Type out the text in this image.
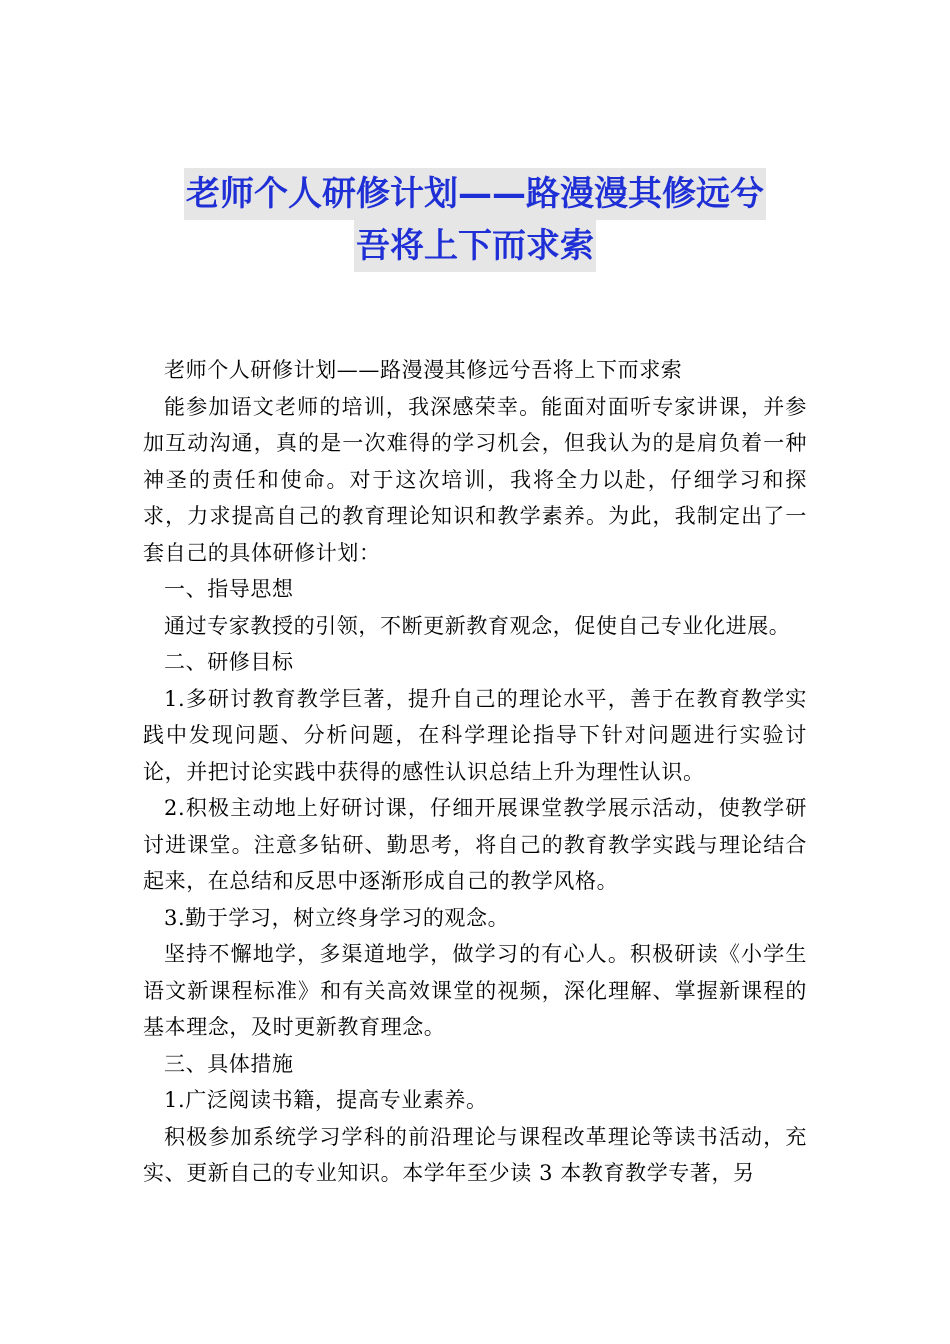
老师个人研修计划——路漫漫其修远兮
吾将上下而求索

老师个人研修计划——路漫漫其修远兮吾将上下而求索

能参加语文老师的培训，我深感荣幸。能面对面听专家讲课，并参加互动沟通，真的是一次难得的学习机会，但我认为的是肩负着一种神圣的责任和使命。对于这次培训，我将全力以赴，仔细学习和探求，力求提高自己的教育理论知识和教学素养。为此，我制定出了一套自己的具体研修计划：

一、指导思想

通过专家教授的引领，不断更新教育观念，促使自己专业化进展。

二、研修目标

1.多研讨教育教学巨著，提升自己的理论水平，善于在教育教学实践中发现问题、分析问题，在科学理论指导下针对问题进行实验讨论，并把讨论实践中获得的感性认识总结上升为理性认识。

2.积极主动地上好研讨课，仔细开展课堂教学展示活动，使教学研讨进课堂。注意多钻研、勤思考，将自己的教育教学实践与理论结合起来，在总结和反思中逐渐形成自己的教学风格。

3.勤于学习，树立终身学习的观念。

坚持不懈地学，多渠道地学，做学习的有心人。积极研读《小学生语文新课程标准》和有关高效课堂的视频，深化理解、掌握新课程的基本理念，及时更新教育理念。

三、具体措施

1.广泛阅读书籍，提高专业素养。

积极参加系统学习学科的前沿理论与课程改革理论等读书活动，充实、更新自己的专业知识。本学年至少读 3 本教育教学专著，另
